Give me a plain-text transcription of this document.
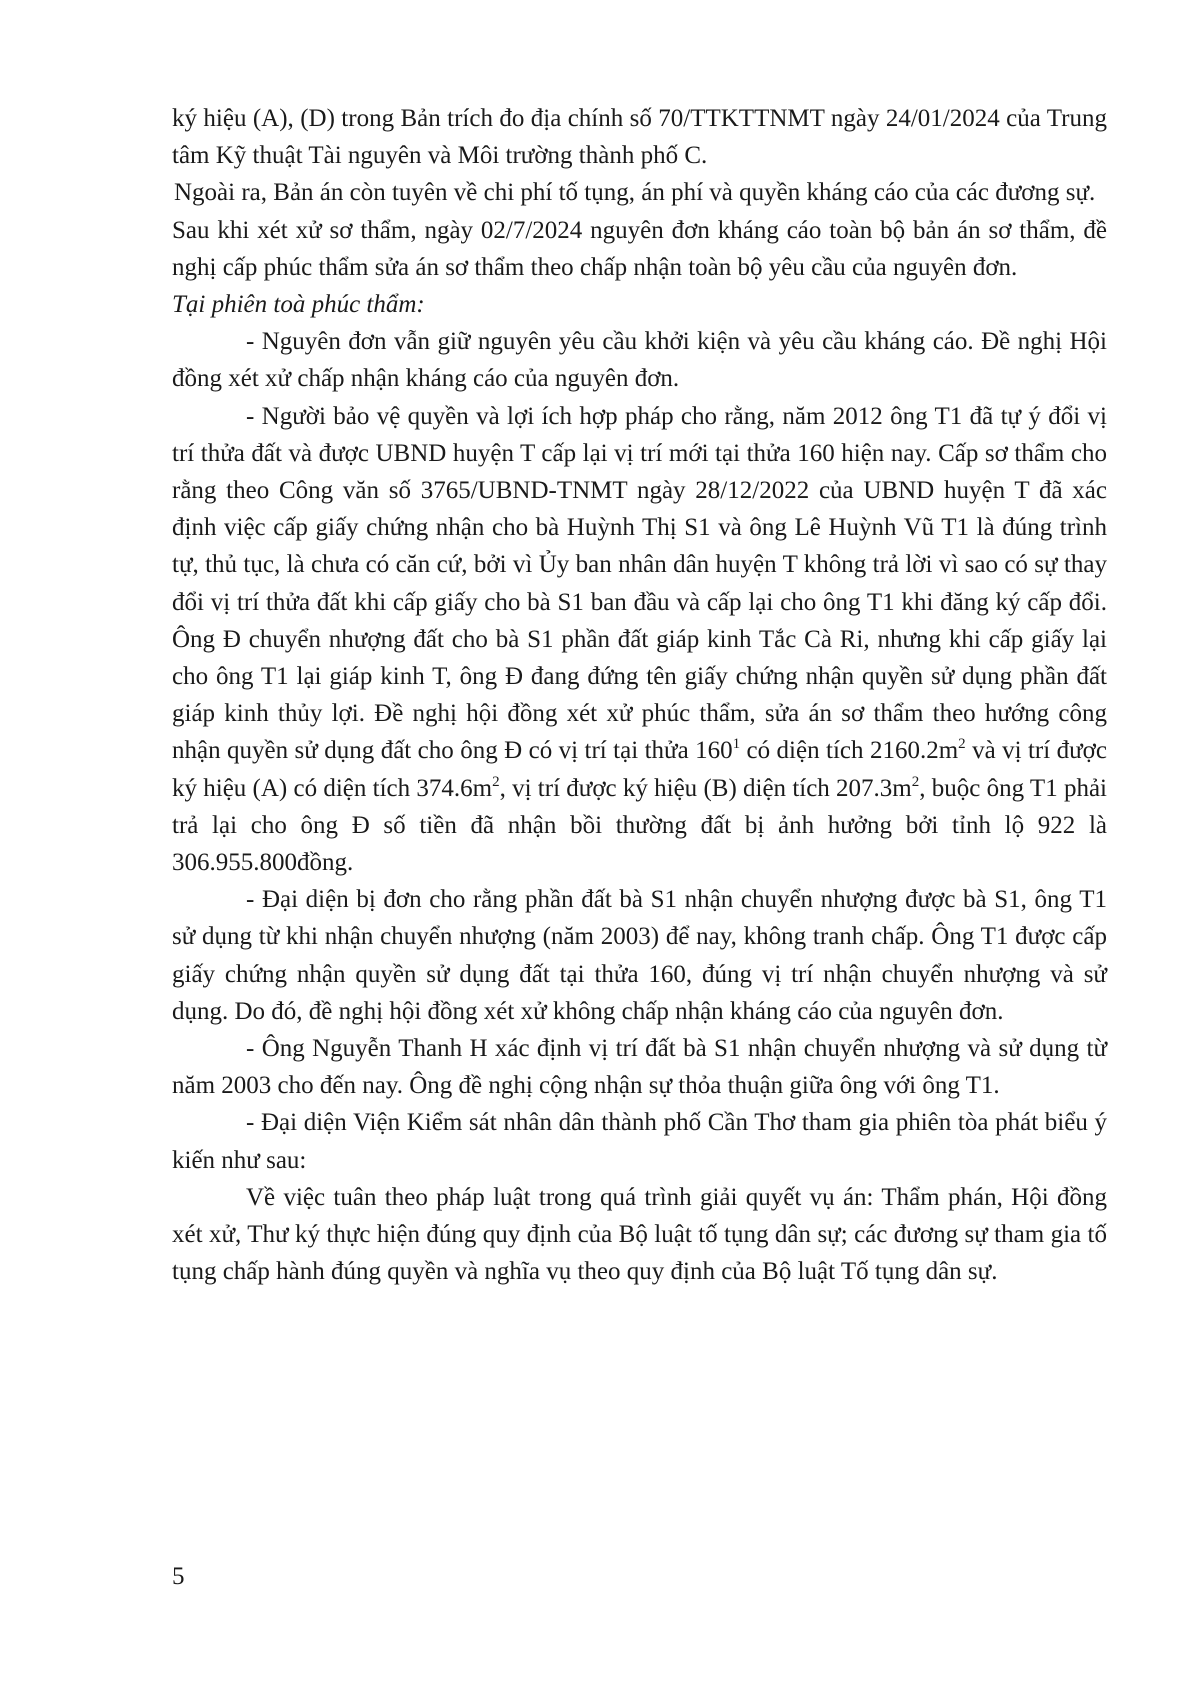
ký hiệu (A), (D) trong Bản trích đo địa chính số 70/TTKTTNMT ngày 24/01/2024 của Trung tâm Kỹ thuật Tài nguyên và Môi trường thành phố C.

Ngoài ra, Bản án còn tuyên về chi phí tố tụng, án phí và quyền kháng cáo của các đương sự.

Sau khi xét xử sơ thẩm, ngày 02/7/2024 nguyên đơn kháng cáo toàn bộ bản án sơ thẩm, đề nghị cấp phúc thẩm sửa án sơ thẩm theo chấp nhận toàn bộ yêu cầu của nguyên đơn.

Tại phiên toà phúc thẩm:

- Nguyên đơn vẫn giữ nguyên yêu cầu khởi kiện và yêu cầu kháng cáo. Đề nghị Hội đồng xét xử chấp nhận kháng cáo của nguyên đơn.

- Người bảo vệ quyền và lợi ích hợp pháp cho rằng, năm 2012 ông T1 đã tự ý đổi vị trí thửa đất và được UBND huyện T cấp lại vị trí mới tại thửa 160 hiện nay. Cấp sơ thẩm cho rằng theo Công văn số 3765/UBND-TNMT ngày 28/12/2022 của UBND huyện T đã xác định việc cấp giấy chứng nhận cho bà Huỳnh Thị S1 và ông Lê Huỳnh Vũ T1 là đúng trình tự, thủ tục, là chưa có căn cứ, bởi vì Ủy ban nhân dân huyện T không trả lời vì sao có sự thay đổi vị trí thửa đất khi cấp giấy cho bà S1 ban đầu và cấp lại cho ông T1 khi đăng ký cấp đổi. Ông Đ chuyển nhượng đất cho bà S1 phần đất giáp kinh Tắc Cà Ri, nhưng khi cấp giấy lại cho ông T1 lại giáp kinh T, ông Đ đang đứng tên giấy chứng nhận quyền sử dụng phần đất giáp kinh thủy lợi. Đề nghị hội đồng xét xử phúc thẩm, sửa án sơ thẩm theo hướng công nhận quyền sử dụng đất cho ông Đ có vị trí tại thửa $160^1$ có diện tích $2160.2m^2$ và vị trí được ký hiệu (A) có diện tích $374.6m^2$, vị trí được ký hiệu (B) diện tích $207.3m^2$, buộc ông T1 phải trả lại cho ông Đ số tiền đã nhận bồi thường đất bị ảnh hưởng bởi tỉnh lộ 922 là 306.955.800đồng.

- Đại diện bị đơn cho rằng phần đất bà S1 nhận chuyển nhượng được bà S1, ông T1 sử dụng từ khi nhận chuyển nhượng (năm 2003) để nay, không tranh chấp. Ông T1 được cấp giấy chứng nhận quyền sử dụng đất tại thửa 160, đúng vị trí nhận chuyển nhượng và sử dụng. Do đó, đề nghị hội đồng xét xử không chấp nhận kháng cáo của nguyên đơn.

- Ông Nguyễn Thanh H xác định vị trí đất bà S1 nhận chuyển nhượng và sử dụng từ năm 2003 cho đến nay. Ông đề nghị cộng nhận sự thỏa thuận giữa ông với ông T1.

- Đại diện Viện Kiểm sát nhân dân thành phố Cần Thơ tham gia phiên tòa phát biểu ý kiến như sau:

Về việc tuân theo pháp luật trong quá trình giải quyết vụ án: Thẩm phán, Hội đồng xét xử, Thư ký thực hiện đúng quy định của Bộ luật tố tụng dân sự; các đương sự tham gia tố tụng chấp hành đúng quyền và nghĩa vụ theo quy định của Bộ luật Tố tụng dân sự.

5
